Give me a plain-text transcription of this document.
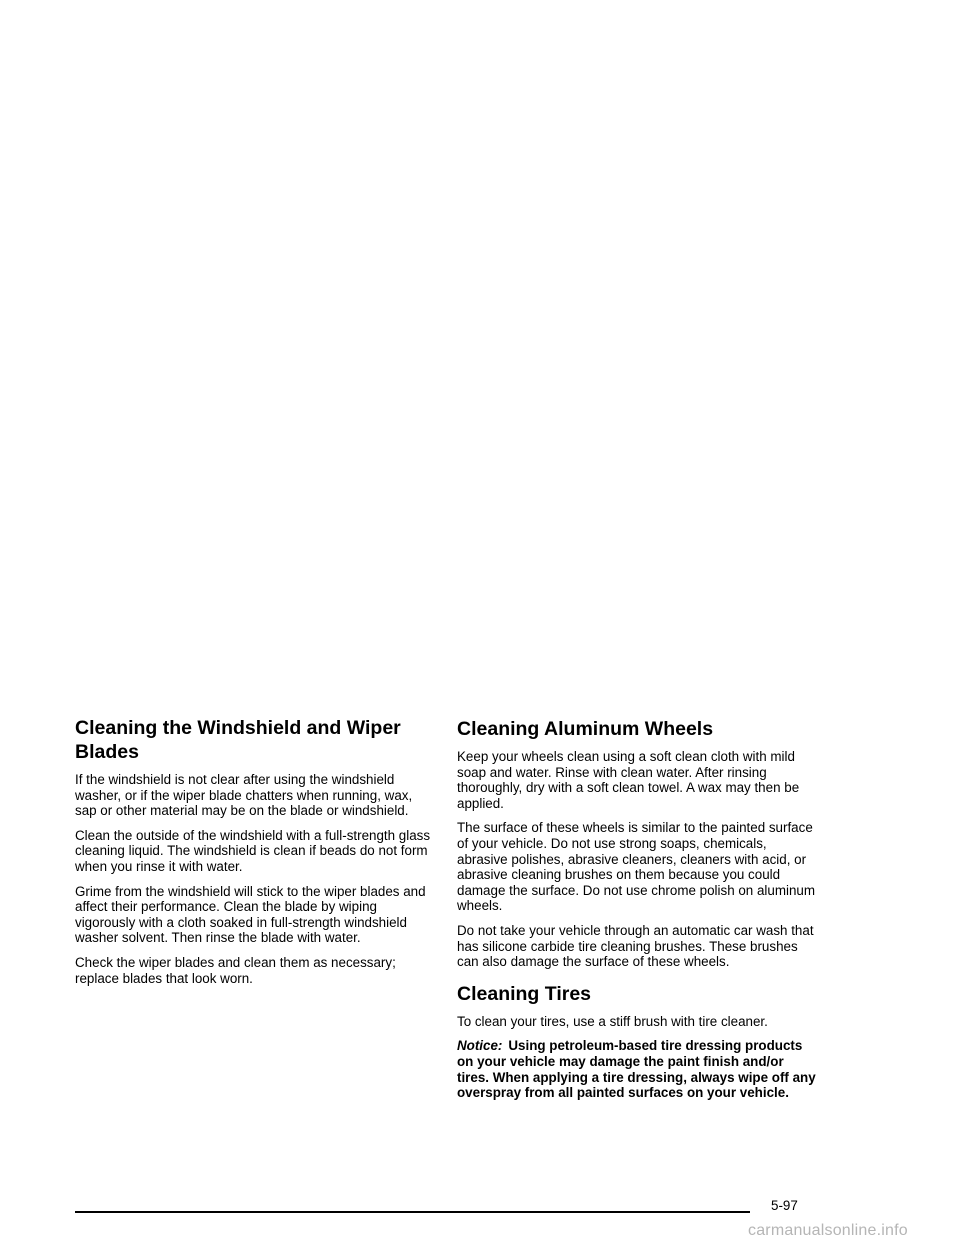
Cleaning the Windshield and Wiper Blades

If the windshield is not clear after using the windshield washer, or if the wiper blade chatters when running, wax, sap or other material may be on the blade or windshield.

Clean the outside of the windshield with a full-strength glass cleaning liquid. The windshield is clean if beads do not form when you rinse it with water.

Grime from the windshield will stick to the wiper blades and affect their performance. Clean the blade by wiping vigorously with a cloth soaked in full-strength windshield washer solvent. Then rinse the blade with water.

Check the wiper blades and clean them as necessary; replace blades that look worn.

Cleaning Aluminum Wheels

Keep your wheels clean using a soft clean cloth with mild soap and water. Rinse with clean water. After rinsing thoroughly, dry with a soft clean towel. A wax may then be applied.

The surface of these wheels is similar to the painted surface of your vehicle. Do not use strong soaps, chemicals, abrasive polishes, abrasive cleaners, cleaners with acid, or abrasive cleaning brushes on them because you could damage the surface. Do not use chrome polish on aluminum wheels.

Do not take your vehicle through an automatic car wash that has silicone carbide tire cleaning brushes. These brushes can also damage the surface of these wheels.

Cleaning Tires

To clean your tires, use a stiff brush with tire cleaner.

Notice: Using petroleum-based tire dressing products on your vehicle may damage the paint finish and/or tires. When applying a tire dressing, always wipe off any overspray from all painted surfaces on your vehicle.

5-97
carmanualsonline.info
